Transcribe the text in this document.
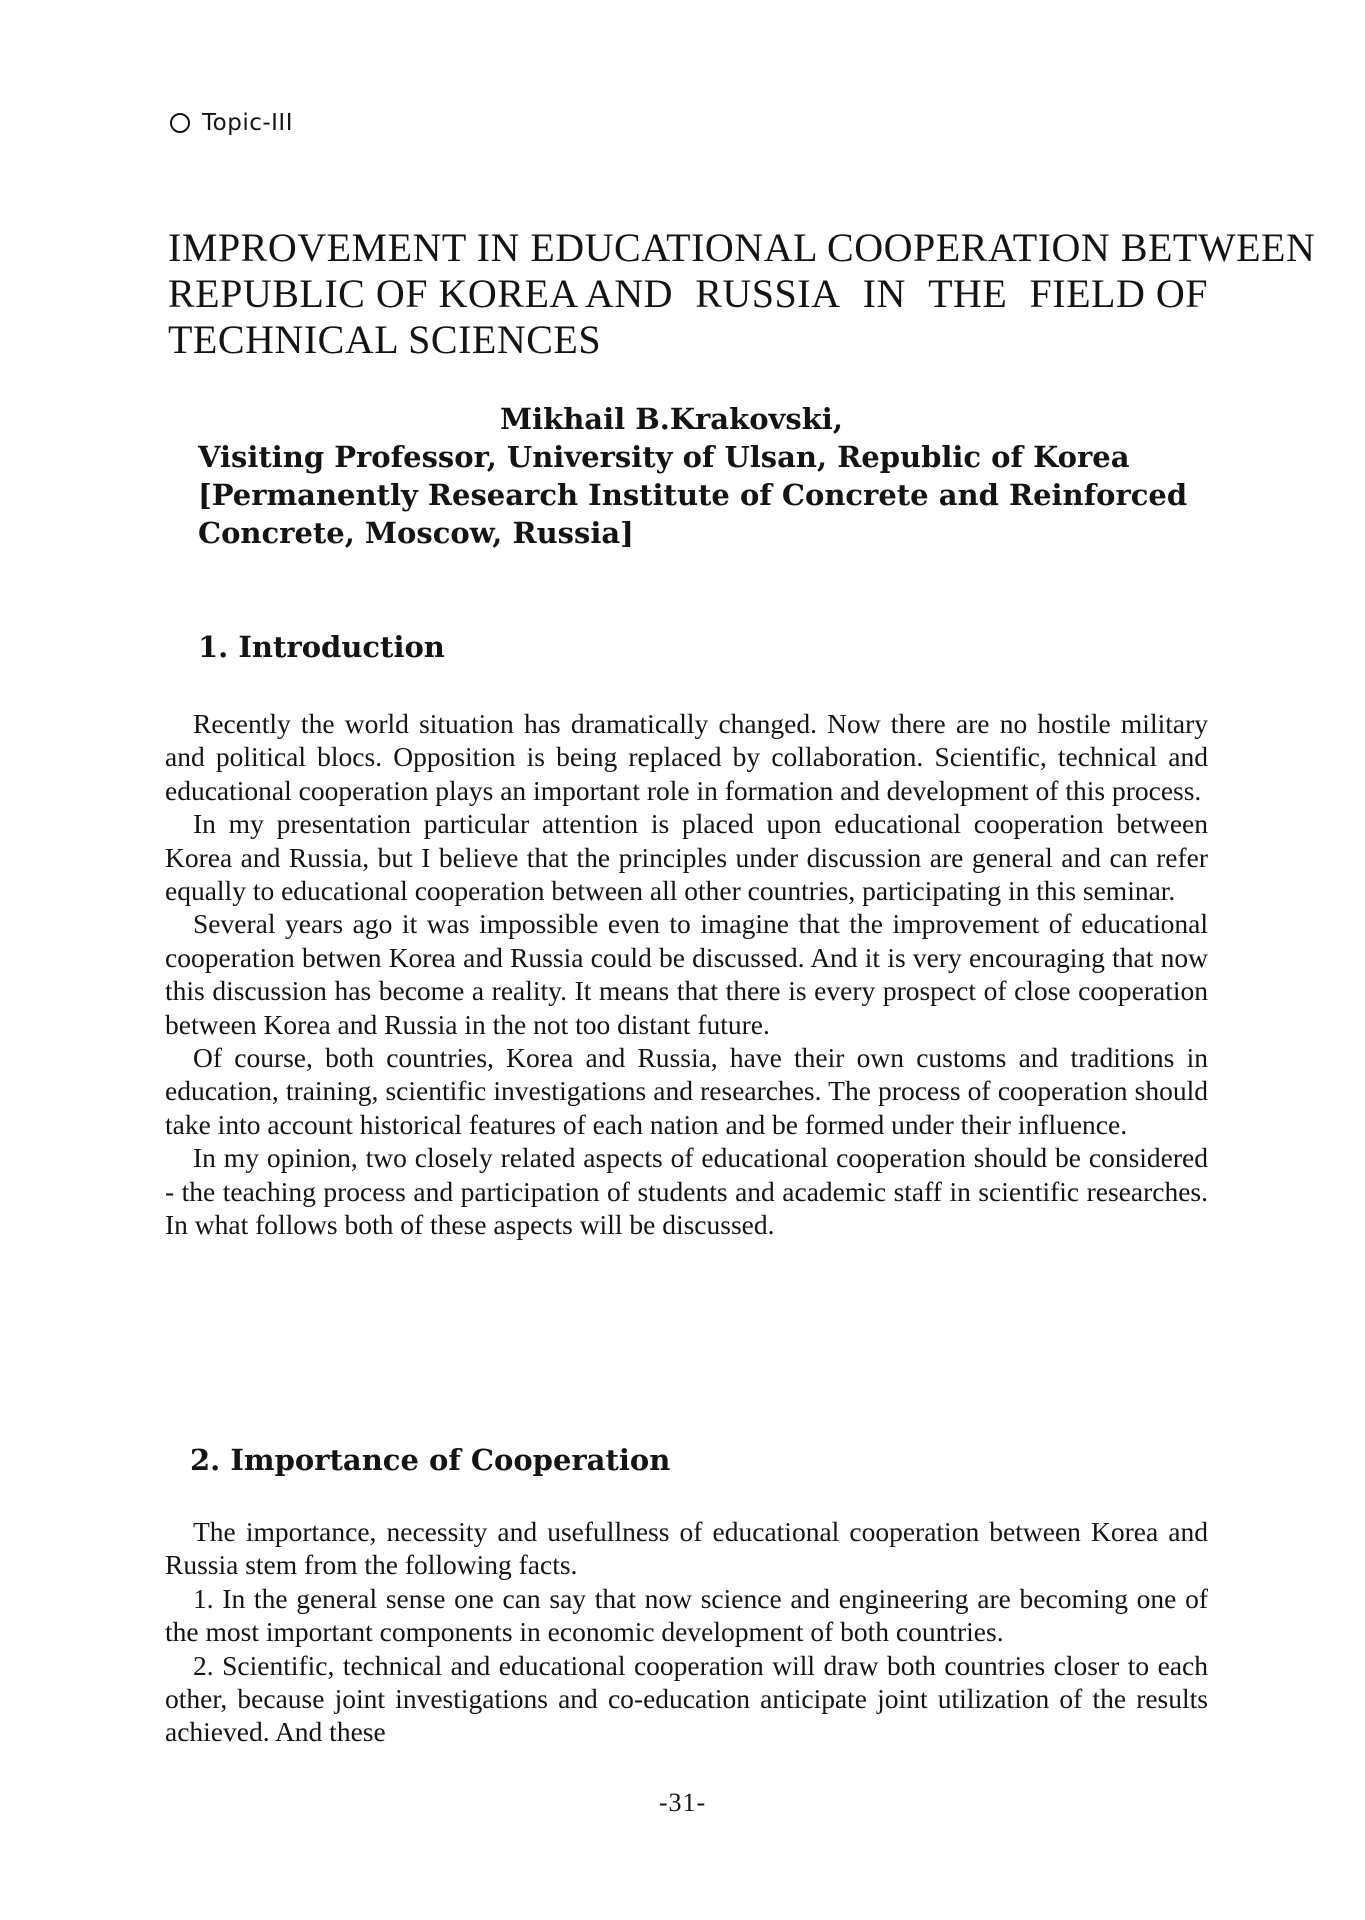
Topic-III
IMPROVEMENT IN EDUCATIONAL COOPERATION BETWEEN
REPUBLIC OF KOREA AND RUSSIA IN THE FIELD OF
TECHNICAL SCIENCES
Mikhail B.Krakovski,
Visiting Professor, University of Ulsan, Republic of Korea
[Permanently Research Institute of Concrete and Reinforced
Concrete, Moscow, Russia]
1. Introduction

Recently the world situation has dramatically changed. Now there are no hostile military and political blocs. Opposition is being replaced by collaboration. Scientific, technical and educational cooperation plays an important role in formation and development of this process.

In my presentation particular attention is placed upon educational cooperation between Korea and Russia, but I believe that the principles under discussion are general and can refer equally to educational cooperation between all other countries, participating in this seminar.

Several years ago it was impossible even to imagine that the improvement of educational cooperation betwen Korea and Russia could be discussed. And it is very encouraging that now this discussion has become a reality. It means that there is every prospect of close cooperation between Korea and Russia in the not too distant future.

Of course, both countries, Korea and Russia, have their own customs and traditions in education, training, scientific investigations and researches. The process of cooperation should take into account historical features of each nation and be formed under their influence.

In my opinion, two closely related aspects of educational cooperation should be considered - the teaching process and participation of students and academic staff in scientific researches. In what follows both of these aspects will be discussed.

2. Importance of Cooperation

The importance, necessity and usefullness of educational cooperation between Korea and Russia stem from the following facts.

1. In the general sense one can say that now science and engineering are becoming one of the most important components in economic development of both countries.

2. Scientific, technical and educational cooperation will draw both countries closer to each other, because joint investigations and co-education anticipate joint utilization of the results achieved. And these

-31-
